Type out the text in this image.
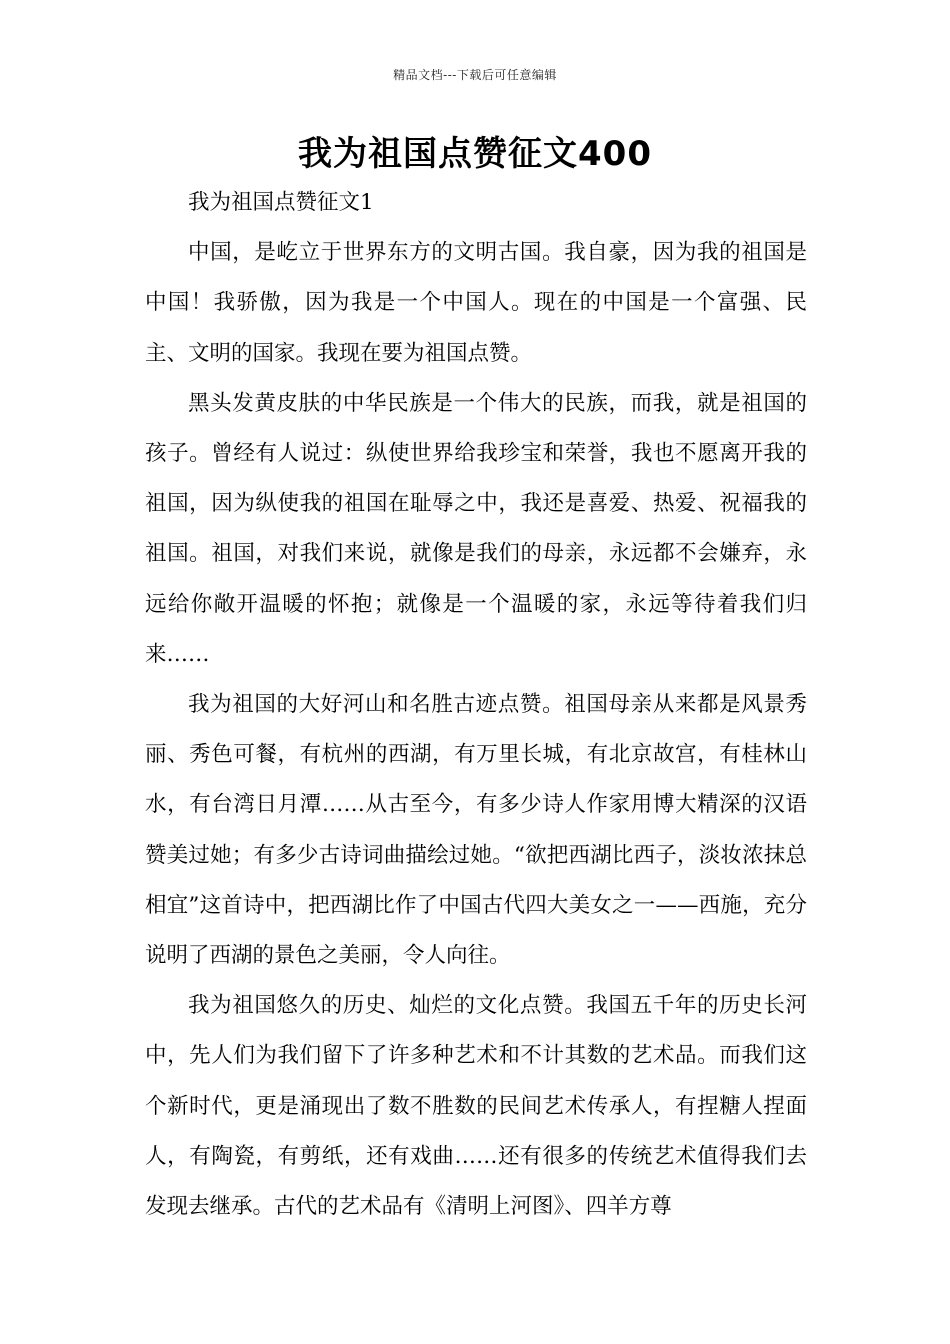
精品文档---下载后可任意编辑
我为祖国点赞征文400

我为祖国点赞征文1

中国，是屹立于世界东方的文明古国。我自豪，因为我的祖国是中国！我骄傲，因为我是一个中国人。现在的中国是一个富强、民主、文明的国家。我现在要为祖国点赞。

黑头发黄皮肤的中华民族是一个伟大的民族，而我，就是祖国的孩子。曾经有人说过：纵使世界给我珍宝和荣誉，我也不愿离开我的祖国，因为纵使我的祖国在耻辱之中，我还是喜爱、热爱、祝福我的祖国。祖国，对我们来说，就像是我们的母亲，永远都不会嫌弃，永远给你敞开温暖的怀抱；就像是一个温暖的家，永远等待着我们归来……

我为祖国的大好河山和名胜古迹点赞。祖国母亲从来都是风景秀丽、秀色可餐，有杭州的西湖，有万里长城，有北京故宫，有桂林山水，有台湾日月潭……从古至今，有多少诗人作家用博大精深的汉语赞美过她；有多少古诗词曲描绘过她。“欲把西湖比西子，淡妆浓抹总相宜”这首诗中，把西湖比作了中国古代四大美女之一——西施，充分说明了西湖的景色之美丽，令人向往。

我为祖国悠久的历史、灿烂的文化点赞。我国五千年的历史长河中，先人们为我们留下了许多种艺术和不计其数的艺术品。而我们这个新时代，更是涌现出了数不胜数的民间艺术传承人，有捏糖人捏面人，有陶瓷，有剪纸，还有戏曲……还有很多的传统艺术值得我们去发现去继承。古代的艺术品有《清明上河图》、四羊方尊
